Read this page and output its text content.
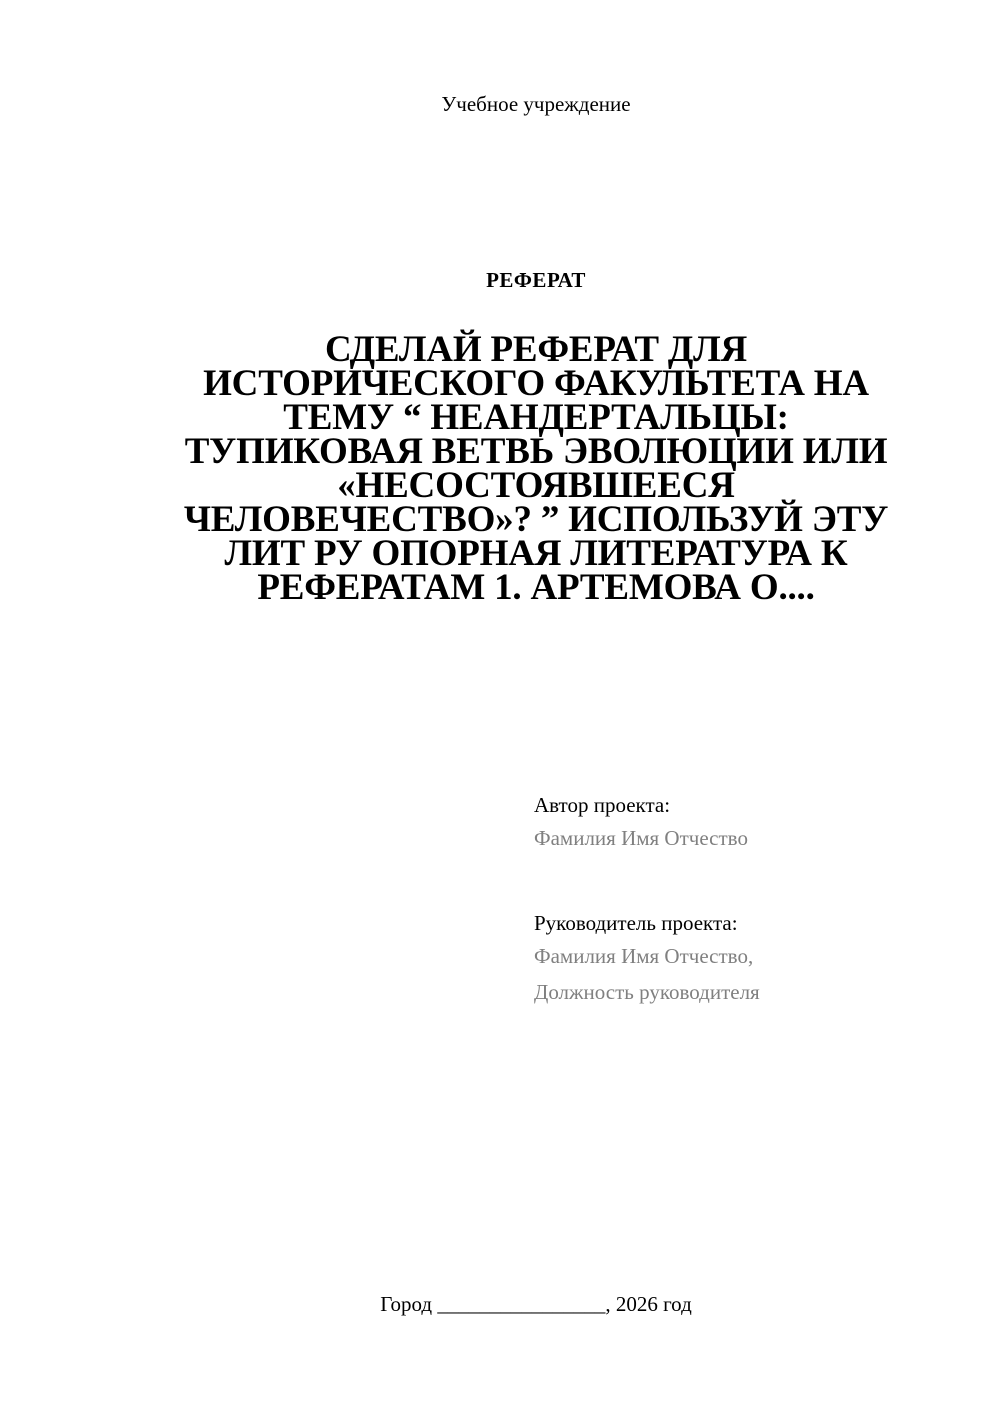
Учебное учреждение
РЕФЕРАТ
СДЕЛАЙ РЕФЕРАТ ДЛЯ
ИСТОРИЧЕСКОГО ФАКУЛЬТЕТА НА
ТЕМУ “ НЕАНДЕРТАЛЬЦЫ:
ТУПИКОВАЯ ВЕТВЬ ЭВОЛЮЦИИ ИЛИ
«НЕСОСТОЯВШЕЕСЯ
ЧЕЛОВЕЧЕСТВО»? ” ИСПОЛЬЗУЙ ЭТУ
ЛИТ РУ ОПОРНАЯ ЛИТЕРАТУРА К
РЕФЕРАТАМ 1. АРТЕМОВА О....
Автор проекта:
Фамилия Имя Отчество
Руководитель проекта:
Фамилия Имя Отчество,
Должность руководителя
Город ________________, 2026 год
